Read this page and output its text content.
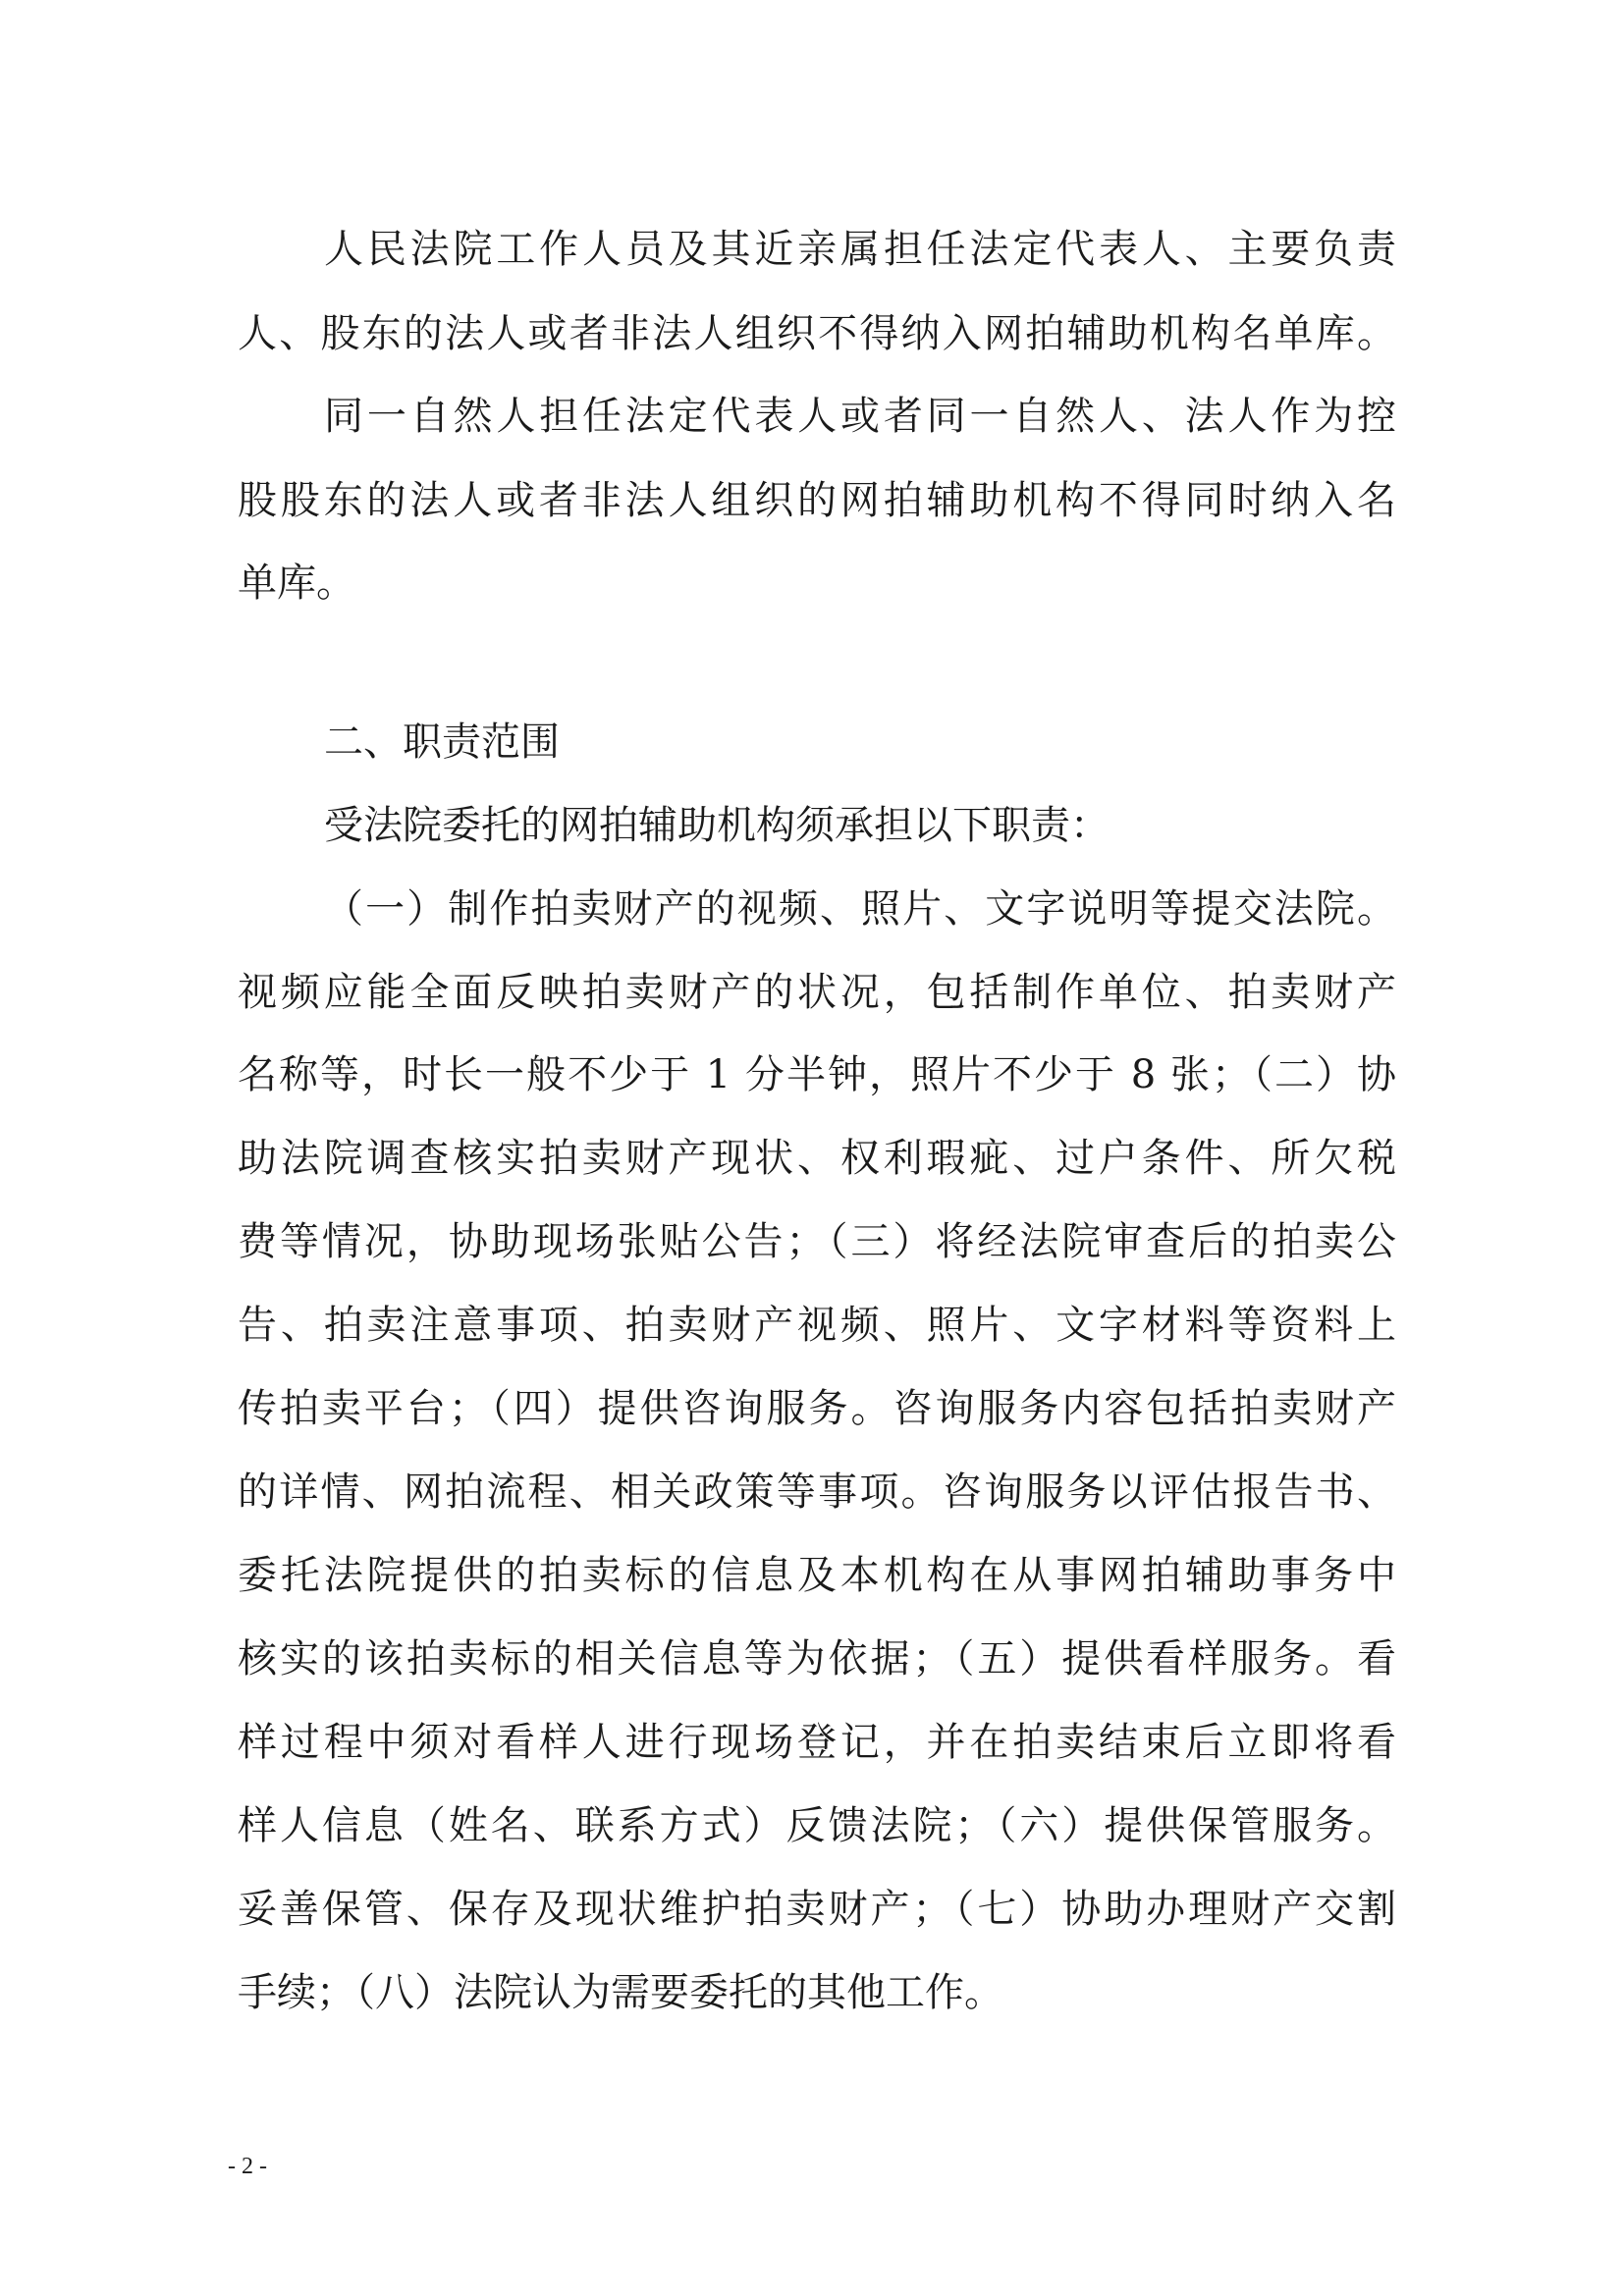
人民法院工作人员及其近亲属担任法定代表人、主要负责
人、股东的法人或者非法人组织不得纳入网拍辅助机构名单库。
同一自然人担任法定代表人或者同一自然人、法人作为控
股股东的法人或者非法人组织的网拍辅助机构不得同时纳入名
单库。
二、职责范围
受法院委托的网拍辅助机构须承担以下职责：
（一）制作拍卖财产的视频、照片、文字说明等提交法院。
视频应能全面反映拍卖财产的状况，包括制作单位、拍卖财产
名称等，时长一般不少于 1 分半钟，照片不少于 8 张；（二）协
助法院调查核实拍卖财产现状、权利瑕疵、过户条件、所欠税
费等情况，协助现场张贴公告；（三）将经法院审查后的拍卖公
告、拍卖注意事项、拍卖财产视频、照片、文字材料等资料上
传拍卖平台；（四）提供咨询服务。咨询服务内容包括拍卖财产
的详情、网拍流程、相关政策等事项。咨询服务以评估报告书、
委托法院提供的拍卖标的信息及本机构在从事网拍辅助事务中
核实的该拍卖标的相关信息等为依据；（五）提供看样服务。看
样过程中须对看样人进行现场登记，并在拍卖结束后立即将看
样人信息（姓名、联系方式）反馈法院；（六）提供保管服务。
妥善保管、保存及现状维护拍卖财产；（七）协助办理财产交割
手续；（八）法院认为需要委托的其他工作。
- 2 -
